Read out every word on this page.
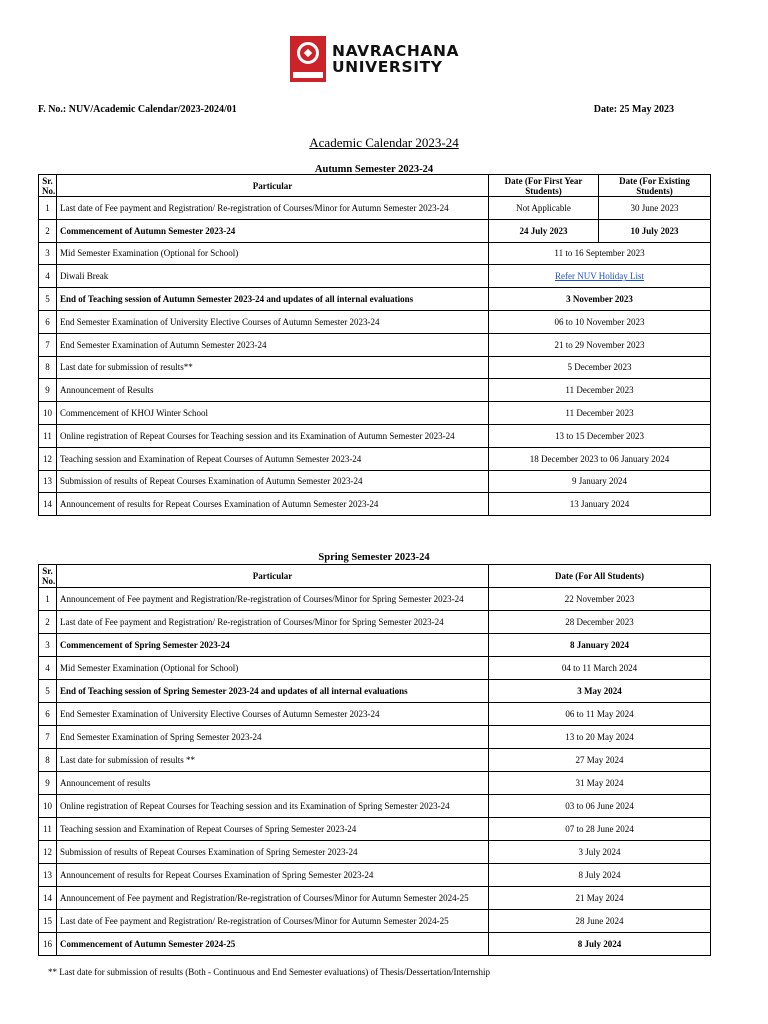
NAVRACHANA
UNIVERSITY
F. No.: NUV/Academic Calendar/2023-2024/01	Date: 25 May 2023
Academic Calendar 2023-24
Autumn Semester 2023-24
Sr. No.	Particular	Date (For First Year Students)	Date (For Existing Students)
1	Last date of Fee payment and Registration/ Re-registration of Courses/Minor for Autumn Semester 2023-24	Not Applicable	30 June 2023
2	Commencement of Autumn Semester 2023-24	24 July 2023	10 July 2023
3	Mid Semester Examination (Optional for School)	11 to 16 September 2023	
4	Diwali Break	Refer NUV Holiday List	
5	End of Teaching session of Autumn Semester 2023-24 and updates of all internal evaluations	3 November 2023	
6	End Semester Examination of University Elective Courses of Autumn Semester 2023-24	06 to 10 November 2023	
7	End Semester Examination of Autumn Semester 2023-24	21 to 29 November 2023	
8	Last date for submission of results**	5 December 2023	
9	Announcement of Results	11 December 2023	
10	Commencement of KHOJ Winter School	11 December 2023	
11	Online registration of Repeat Courses for Teaching session and its Examination of Autumn Semester 2023-24	13 to 15 December 2023	
12	Teaching session and Examination of Repeat Courses of Autumn Semester 2023-24	18 December 2023 to 06 January 2024	
13	Submission of results of Repeat Courses Examination of Autumn Semester 2023-24	9 January 2024	
14	Announcement of results for Repeat Courses Examination of Autumn Semester 2023-24	13 January 2024	
Spring Semester 2023-24
Sr. No.	Particular	Date (For All Students)
1	Announcement of Fee payment and Registration/Re-registration of Courses/Minor for Spring Semester 2023-24	22 November 2023
2	Last date of Fee payment and Registration/ Re-registration of Courses/Minor for Spring Semester 2023-24	28 December 2023
3	Commencement of Spring Semester 2023-24	8 January 2024
4	Mid Semester Examination (Optional for School)	04 to 11 March 2024
5	End of Teaching session of Spring Semester 2023-24 and updates of all internal evaluations	3 May 2024
6	End Semester Examination of University Elective Courses of Autumn Semester 2023-24	06 to 11 May 2024
7	End Semester Examination of Spring Semester 2023-24	13 to 20 May 2024
8	Last date for submission of results **	27 May 2024
9	Announcement of results	31 May 2024
10	Online registration of Repeat Courses for Teaching session and its Examination of Spring Semester 2023-24	03 to 06 June 2024
11	Teaching session and Examination of Repeat Courses of Spring Semester 2023-24	07 to 28 June 2024
12	Submission of results of Repeat Courses Examination of Spring Semester 2023-24	3 July 2024
13	Announcement of results for Repeat Courses Examination of Spring Semester 2023-24	8 July 2024
14	Announcement of Fee payment and Registration/Re-registration of Courses/Minor for Autumn Semester 2024-25	21 May 2024
15	Last date of Fee payment and Registration/ Re-registration of Courses/Minor for Autumn Semester 2024-25	28 June 2024
16	Commencement of Autumn Semester 2024-25	8 July 2024
** Last date for submission of results (Both - Continuous and End Semester evaluations) of Thesis/Dessertation/Internship
